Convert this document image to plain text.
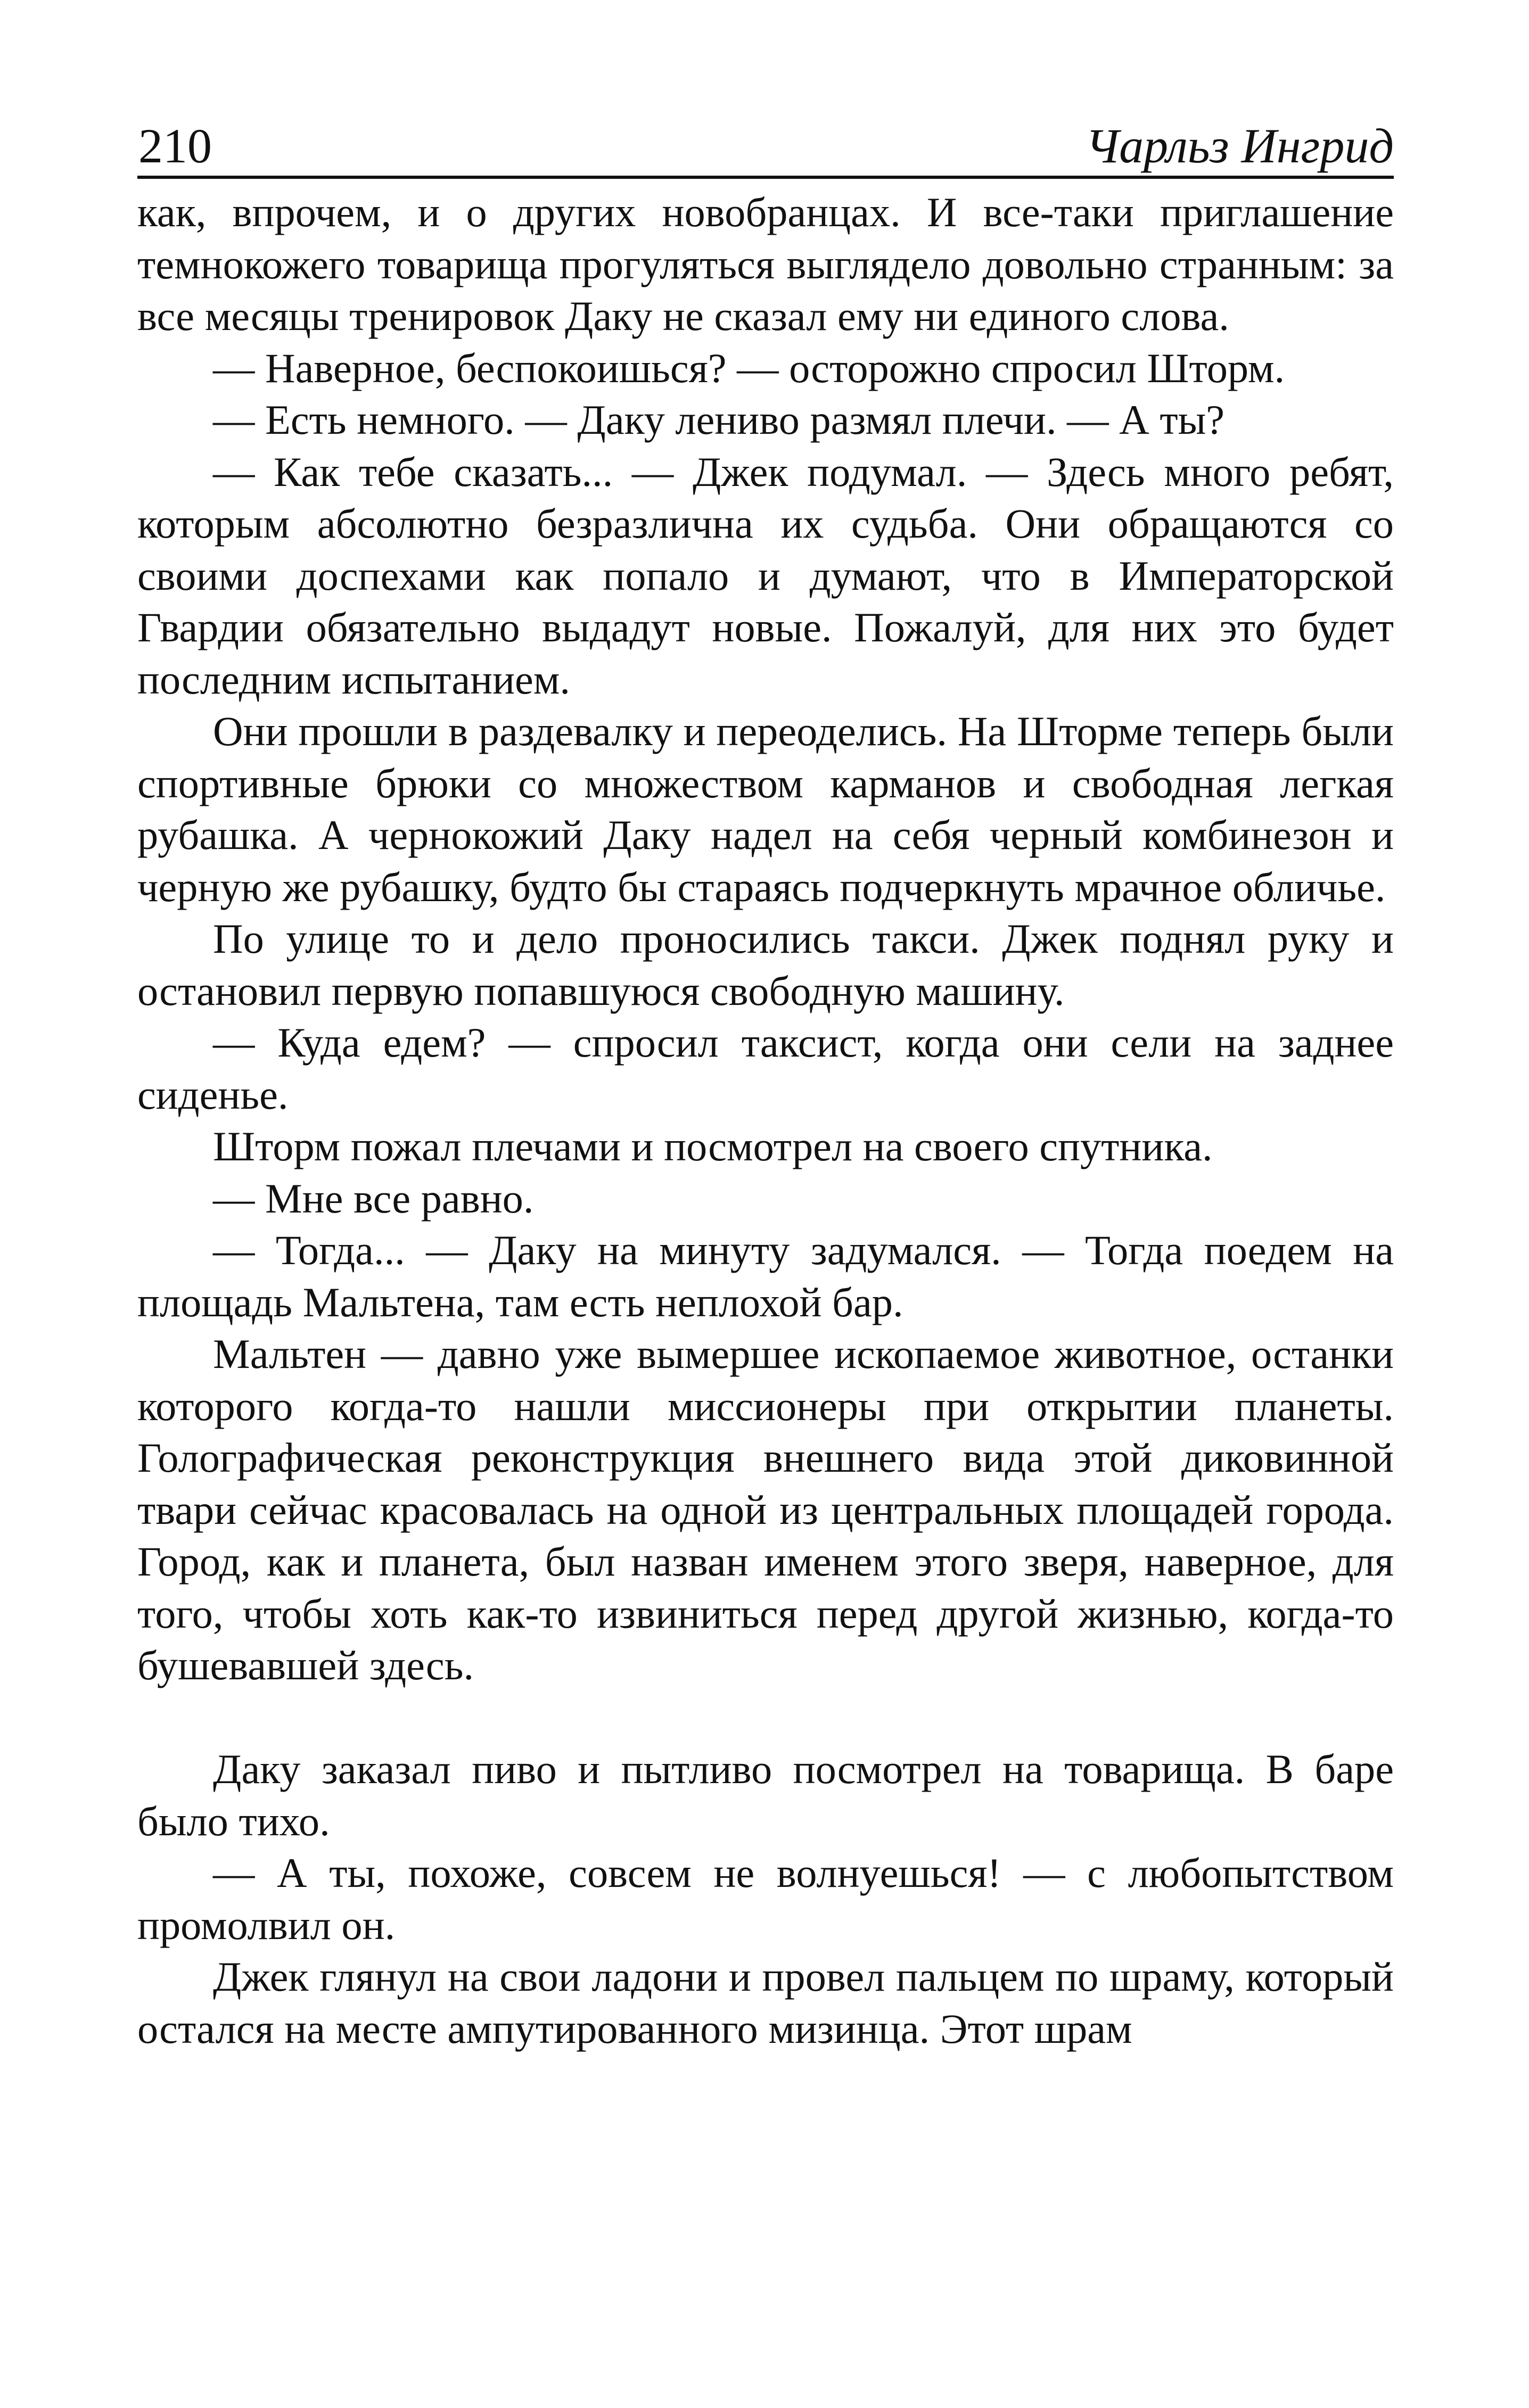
210	Чарльз Ингрид

как, впрочем, и о других новобранцах. И все-таки приглашение темнокожего товарища прогуляться выглядело довольно странным: за все месяцы тренировок Даку не сказал ему ни единого слова.

— Наверное, беспокоишься? — осторожно спросил Шторм.

— Есть немного. — Даку лениво размял плечи. — А ты?

— Как тебе сказать... — Джек подумал. — Здесь много ребят, которым абсолютно безразлична их судьба. Они обращаются со своими доспехами как попало и думают, что в Императорской Гвардии обязательно выдадут новые. Пожалуй, для них это будет последним испытанием.

Они прошли в раздевалку и переоделись. На Шторме теперь были спортивные брюки со множеством карманов и свободная легкая рубашка. А чернокожий Даку надел на себя черный комбинезон и черную же рубашку, будто бы стараясь подчеркнуть мрачное обличье.

По улице то и дело проносились такси. Джек поднял руку и остановил первую попавшуюся свободную машину.

— Куда едем? — спросил таксист, когда они сели на заднее сиденье.

Шторм пожал плечами и посмотрел на своего спутника.

— Мне все равно.

— Тогда... — Даку на минуту задумался. — Тогда поедем на площадь Мальтена, там есть неплохой бар.

Мальтен — давно уже вымершее ископаемое животное, останки которого когда-то нашли миссионеры при открытии планеты. Голографическая реконструкция внешнего вида этой диковинной твари сейчас красовалась на одной из центральных площадей города. Город, как и планета, был назван именем этого зверя, наверное, для того, чтобы хоть как-то извиниться перед другой жизнью, когда-то бушевавшей здесь.

Даку заказал пиво и пытливо посмотрел на товарища. В баре было тихо.

— А ты, похоже, совсем не волнуешься! — с любопытством промолвил он.

Джек глянул на свои ладони и провел пальцем по шраму, который остался на месте ампутированного мизинца. Этот шрам
